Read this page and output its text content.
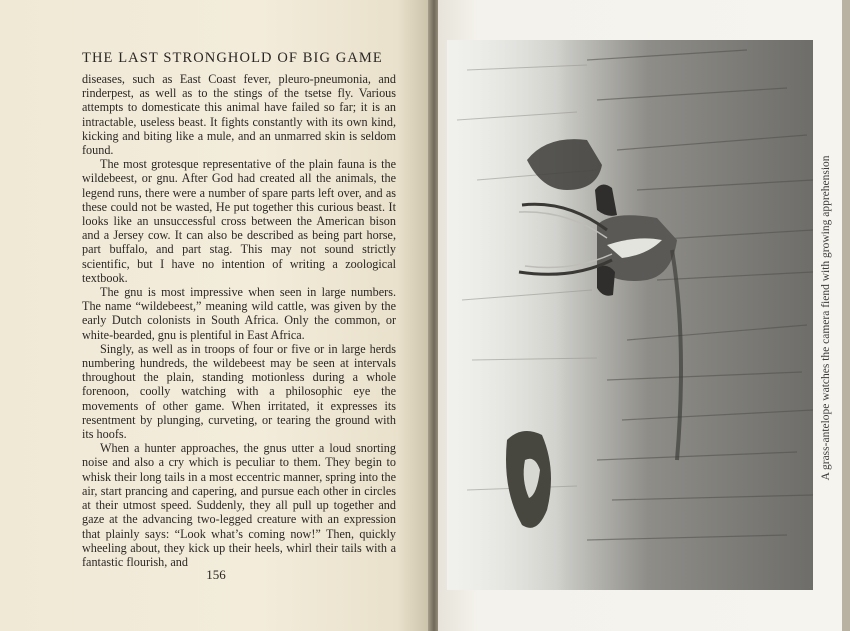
THE LAST STRONGHOLD OF BIG GAME

diseases, such as East Coast fever, pleuro-pneumonia, and rinderpest, as well as to the stings of the tsetse fly. Various attempts to domesticate this animal have failed so far; it is an intractable, useless beast. It fights constantly with its own kind, kicking and biting like a mule, and an unmarred skin is seldom found.

The most grotesque representative of the plain fauna is the wildebeest, or gnu. After God had created all the animals, the legend runs, there were a number of spare parts left over, and as these could not be wasted, He put together this curious beast. It looks like an unsuccessful cross between the American bison and a Jersey cow. It can also be described as being part horse, part buffalo, and part stag. This may not sound strictly scientific, but I have no intention of writing a zoological textbook.

The gnu is most impressive when seen in large numbers. The name “wildebeest,” meaning wild cattle, was given by the early Dutch colonists in South Africa. Only the common, or white-bearded, gnu is plentiful in East Africa.

Singly, as well as in troops of four or five or in large herds numbering hundreds, the wildebeest may be seen at intervals throughout the plain, standing motionless during a whole forenoon, coolly watching with a philosophic eye the movements of other game. When irritated, it expresses its resentment by plunging, curveting, or tearing the ground with its hoofs.

When a hunter approaches, the gnus utter a loud snorting noise and also a cry which is peculiar to them. They begin to whisk their long tails in a most eccentric manner, spring into the air, start prancing and capering, and pursue each other in circles at their utmost speed. Suddenly, they all pull up together and gaze at the advancing two-legged creature with an expression that plainly says: “Look what’s coming now!” Then, quickly wheeling about, they kick up their heels, whirl their tails with a fantastic flourish, and

156
A grass-antelope watches the camera fiend with growing apprehension
